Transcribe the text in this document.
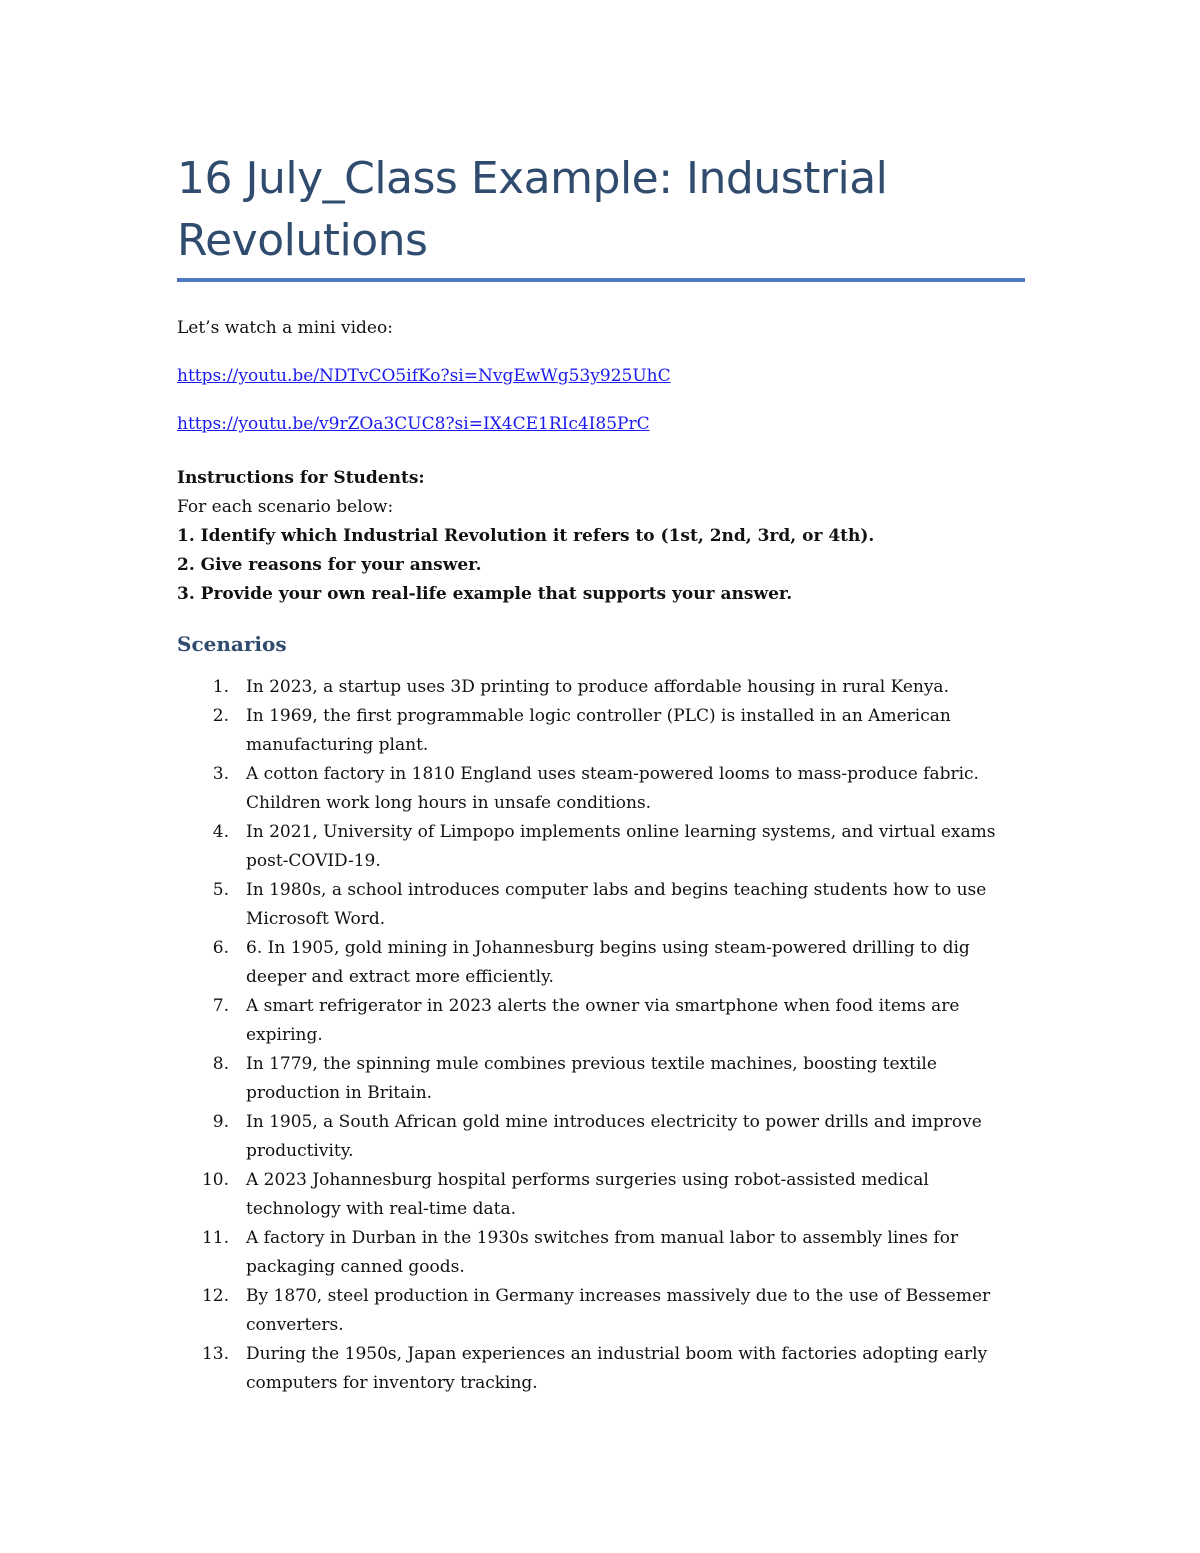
16 July_Class Example: Industrial Revolutions
Let’s watch a mini video:
https://youtu.be/NDTvCO5ifKo?si=NvgEwWg53y925UhC
https://youtu.be/v9rZOa3CUC8?si=IX4CE1RIc4I85PrC
Instructions for Students:
For each scenario below:
1. Identify which Industrial Revolution it refers to (1st, 2nd, 3rd, or 4th).
2. Give reasons for your answer.
3. Provide your own real-life example that supports your answer.
Scenarios
1. In 2023, a startup uses 3D printing to produce affordable housing in rural Kenya.
2. In 1969, the first programmable logic controller (PLC) is installed in an American manufacturing plant.
3. A cotton factory in 1810 England uses steam-powered looms to mass-produce fabric. Children work long hours in unsafe conditions.
4. In 2021, University of Limpopo implements online learning systems, and virtual exams post-COVID-19.
5. In 1980s, a school introduces computer labs and begins teaching students how to use Microsoft Word.
6. 6. In 1905, gold mining in Johannesburg begins using steam-powered drilling to dig deeper and extract more efficiently.
7. A smart refrigerator in 2023 alerts the owner via smartphone when food items are expiring.
8. In 1779, the spinning mule combines previous textile machines, boosting textile production in Britain.
9. In 1905, a South African gold mine introduces electricity to power drills and improve productivity.
10. A 2023 Johannesburg hospital performs surgeries using robot-assisted medical technology with real-time data.
11. A factory in Durban in the 1930s switches from manual labor to assembly lines for packaging canned goods.
12. By 1870, steel production in Germany increases massively due to the use of Bessemer converters.
13. During the 1950s, Japan experiences an industrial boom with factories adopting early computers for inventory tracking.
